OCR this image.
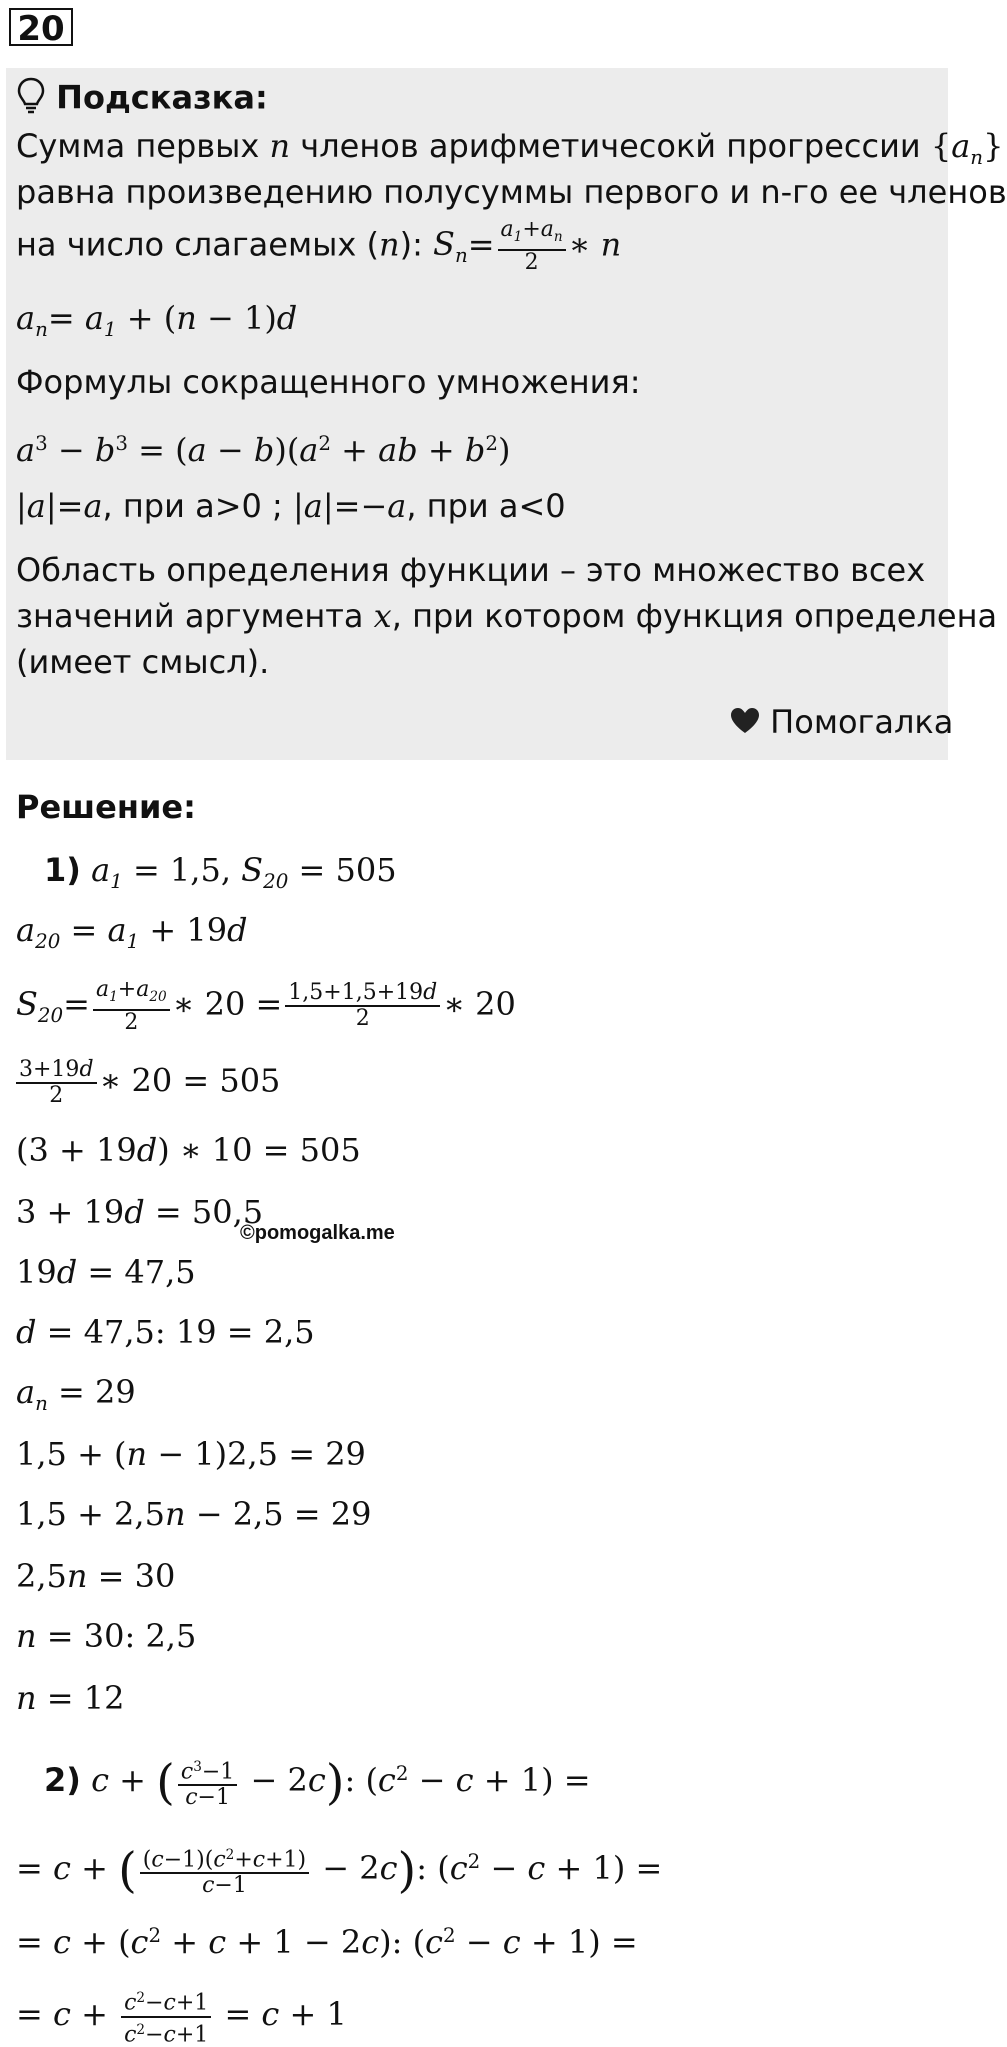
20
Подсказка:
Сумма первых n членов арифметичесокй прогрессии $\{a_n\}$
равна произведению полусуммы первого и n-го ее членов
на число слагаемых (n): $S_n= \frac{a_1+a_n}{2}$ ∗ n
$a_n= a_1 + (n - 1)d$
Формулы сокращенного умножения:
$a^3 - b^3 = (a - b)(a^2$ + ab + $b^2$)
|a|=a, при a>0 ; |a|=−a, при a<0
Область определения функции – это множество всех
значений аргумента x, при котором функция определена
(имеет смысл).
Помогалка
Решение:
1) $a_1 = 1,5$, $S_{20} = 505$
$a_{20} = a_1 + 19d$
$S_{20}= \frac{a_1+a_{20}}{2}$ ∗ $20 = \frac{1,5+1,5+19d}{2}$ ∗ 20
$\frac{3+19d}{2}$ ∗ 20 = 505
(3 + 19d) ∗ 10 = 505
3 + 19d = 50,5
©pomogalka.me
19d = 47,5
d = 47,5: 19 = 2,5
$a_n = 29$
1,5 + (n − 1)2,5 = 29
1,5 + 2,5n − 2,5 = 29
2,5n = 30
n = 30: 2,5
n = 12
2) c + ( $\frac{c^3-1}{c-1} - 2c$): $(c^2 - c + 1)$ =
= c + ( $\frac{(c-1)(c^2+c+1)}{c-1} - 2c$): $(c^2 - c + 1)$ =
= $c + (c^2 + c + 1 - 2c)$: $(c^2 - c + 1)$ =
= $c + \frac{c^2-c+1}{c^2-c+1} = c + 1$
